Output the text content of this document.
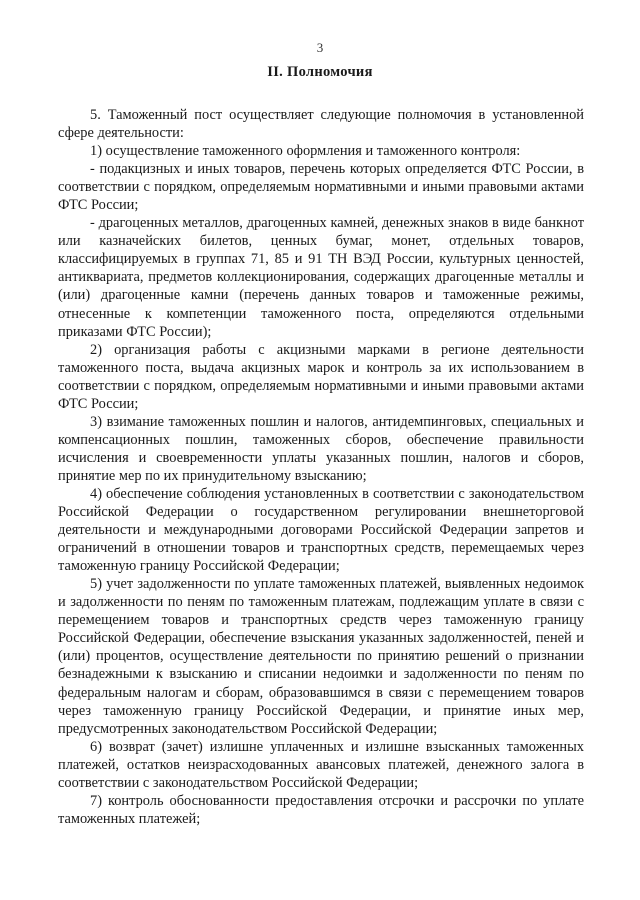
3
II. Полномочия

5. Таможенный пост осуществляет следующие полномочия в установленной сфере деятельности:

1) осуществление таможенного оформления и таможенного контроля:

- подакцизных и иных товаров, перечень которых определяется ФТС России, в соответствии с порядком, определяемым нормативными и иными правовыми актами ФТС России;

- драгоценных металлов, драгоценных камней, денежных знаков в виде банкнот или казначейских билетов, ценных бумаг, монет, отдельных товаров, классифицируемых в группах 71, 85 и 91 ТН ВЭД России, культурных ценностей, антиквариата, предметов коллекционирования, содержащих драгоценные металлы и (или) драгоценные камни (перечень данных товаров и таможенные режимы, отнесенные к компетенции таможенного поста, определяются отдельными приказами ФТС России);

2) организация работы с акцизными марками в регионе деятельности таможенного поста, выдача акцизных марок и контроль за их использованием в соответствии с порядком, определяемым нормативными и иными правовыми актами ФТС России;

3) взимание таможенных пошлин и налогов, антидемпинговых, специальных и компенсационных пошлин, таможенных сборов, обеспечение правильности исчисления и своевременности уплаты указанных пошлин, налогов и сборов, принятие мер по их принудительному взысканию;

4) обеспечение соблюдения установленных в соответствии с законодательством Российской Федерации о государственном регулировании внешнеторговой деятельности и международными договорами Российской Федерации запретов и ограничений в отношении товаров и транспортных средств, перемещаемых через таможенную границу Российской Федерации;

5) учет задолженности по уплате таможенных платежей, выявленных недоимок и задолженности по пеням по таможенным платежам, подлежащим уплате в связи с перемещением товаров и транспортных средств через таможенную границу Российской Федерации, обеспечение взыскания указанных задолженностей, пеней и (или) процентов, осуществление деятельности по принятию решений о признании безнадежными к взысканию и списании недоимки и задолженности по пеням по федеральным налогам и сборам, образовавшимся в связи с перемещением товаров через таможенную границу Российской Федерации, и принятие иных мер, предусмотренных законодательством Российской Федерации;

6) возврат (зачет) излишне уплаченных и излишне взысканных таможенных платежей, остатков неизрасходованных авансовых платежей, денежного залога в соответствии с законодательством Российской Федерации;

7) контроль обоснованности предоставления отсрочки и рассрочки по уплате таможенных платежей;
